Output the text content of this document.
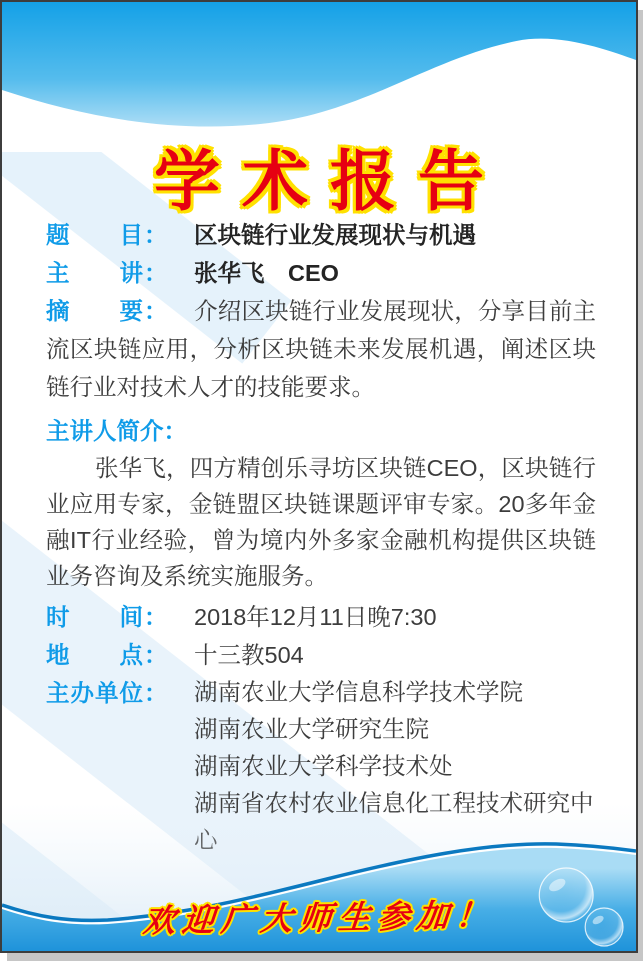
学术报告
题　　目： 区块链行业发展现状与机遇
主　　讲： 张华飞　CEO

摘　　要： 介绍区块链行业发展现状，分享目前主流区块链应用，分析区块链未来发展机遇，阐述区块链行业对技术人才的技能要求。

主讲人简介：

张华飞，四方精创乐寻坊区块链CEO，区块链行业应用专家，金链盟区块链课题评审专家。20多年金融IT行业经验，曾为境内外多家金融机构提供区块链业务咨询及系统实施服务。

时　　间： 2018年12月11日晚7:30
地　　点： 十三教504
主办单位：	湖南农业大学信息科学技术学院
湖南农业大学研究生院
湖南农业大学科学技术处
欢迎广大师生参加！
